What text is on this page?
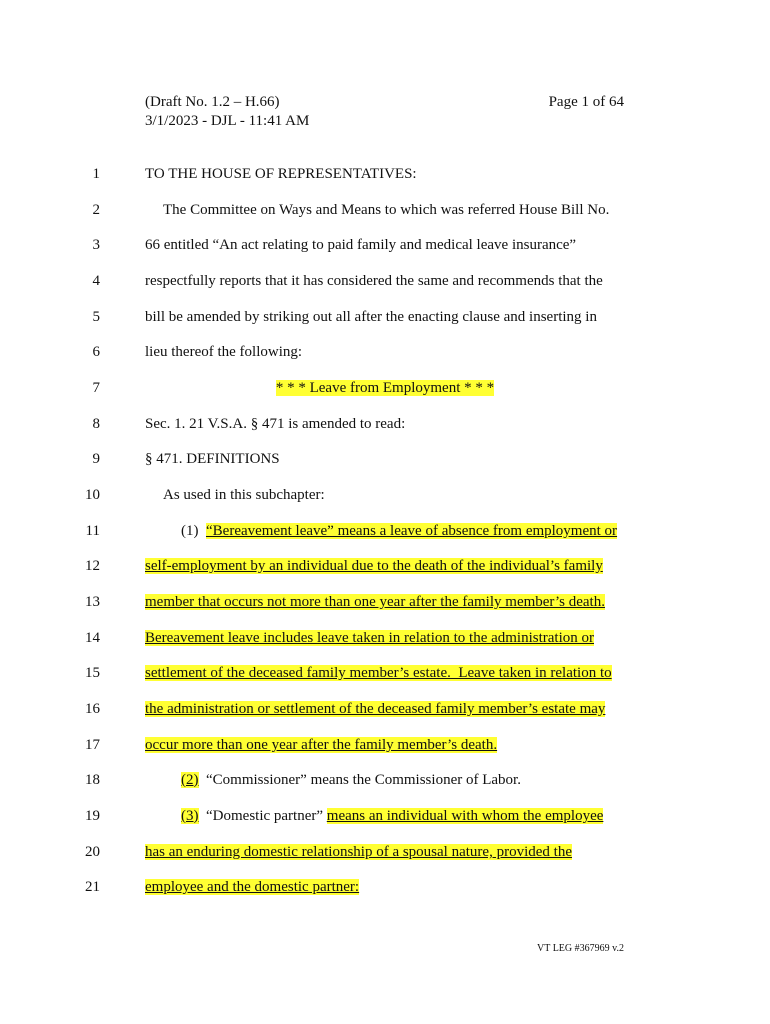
(Draft No. 1.2 – H.66)
3/1/2023 - DJL - 11:41 AM
Page 1 of 64
1	TO THE HOUSE OF REPRESENTATIVES:
2	The Committee on Ways and Means to which was referred House Bill No.
3	66 entitled “An act relating to paid family and medical leave insurance”
4	respectfully reports that it has considered the same and recommends that the
5	bill be amended by striking out all after the enacting clause and inserting in
6	lieu thereof the following:
7	* * * Leave from Employment * * *
8	Sec. 1. 21 V.S.A. § 471 is amended to read:
9	§ 471. DEFINITIONS
10	As used in this subchapter:
11	(1)  “Bereavement leave” means a leave of absence from employment or
12	self-employment by an individual due to the death of the individual’s family
13	member that occurs not more than one year after the family member’s death.
14	Bereavement leave includes leave taken in relation to the administration or
15	settlement of the deceased family member’s estate.  Leave taken in relation to
16	the administration or settlement of the deceased family member’s estate may
17	occur more than one year after the family member’s death.
18	(2)  “Commissioner” means the Commissioner of Labor.
19	(3)  “Domestic partner” means an individual with whom the employee
20	has an enduring domestic relationship of a spousal nature, provided the
21	employee and the domestic partner:
VT LEG #367969 v.2
